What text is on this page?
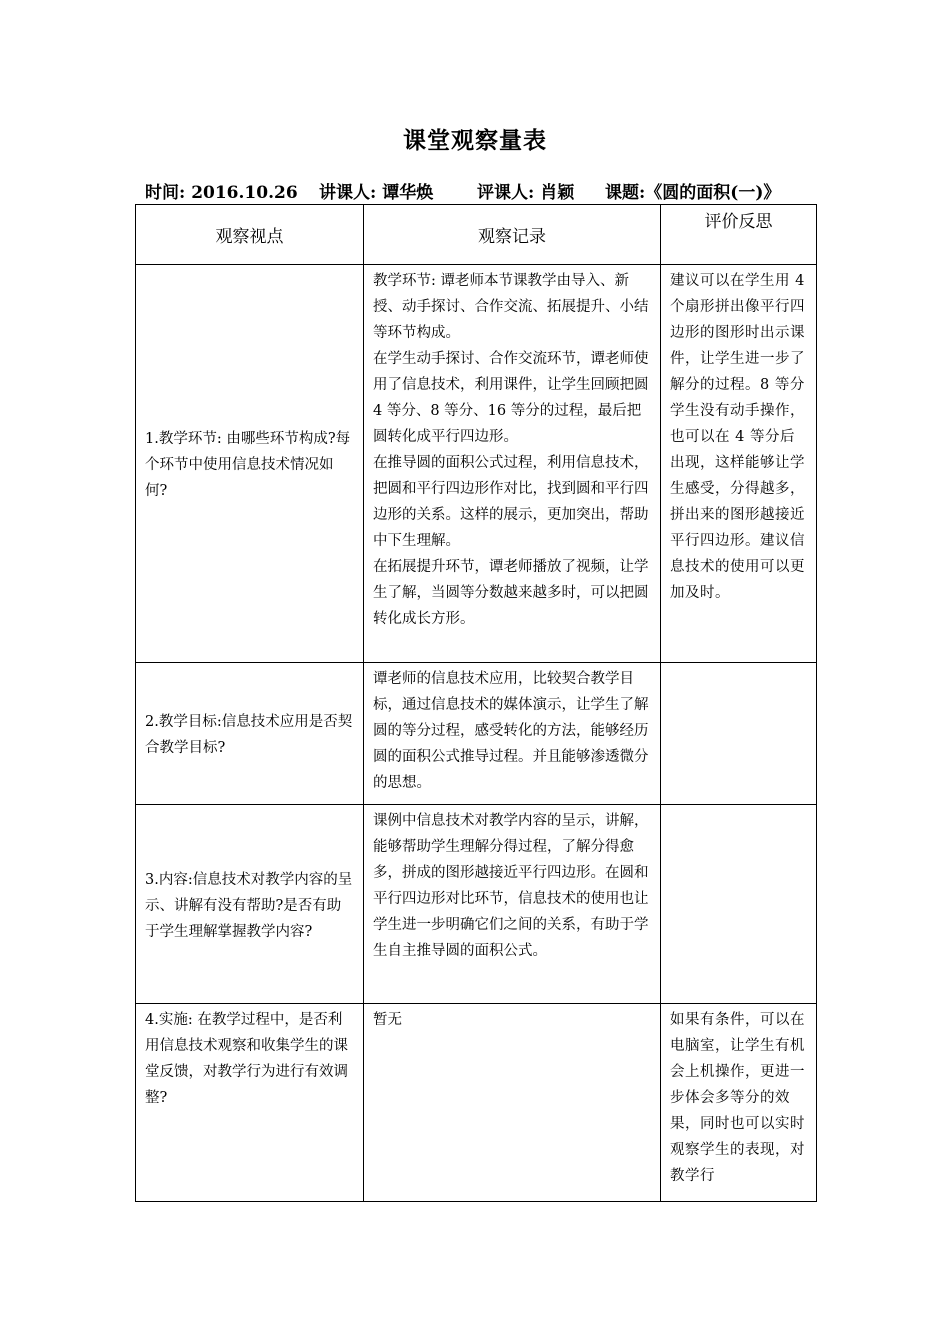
课堂观察量表
时间: 2016.10.26 讲课人: 谭华焕	评课人: 肖颖 课题:《圆的面积(一)》
观察视点	观察记录	评价反思
1.教学环节: 由哪些环节构成?每个环节中使用信息技术情况如何?	教学环节: 谭老师本节课教学由导入、新授、动手探讨、合作交流、拓展提升、小结等环节构成。

在学生动手探讨、合作交流环节，谭老师使用了信息技术，利用课件，让学生回顾把圆 4 等分、8 等分、16 等分的过程，最后把圆转化成平行四边形。

在推导圆的面积公式过程，利用信息技术，把圆和平行四边形作对比，找到圆和平行四边形的关系。这样的展示，更加突出，帮助中下生理解。

在拓展提升环节，谭老师播放了视频，让学生了解，当圆等分数越来越多时，可以把圆转化成长方形。	建议可以在学生用 4 个扇形拼出像平行四边形的图形时出示课件，让学生进一步了解分的过程。8 等分学生没有动手操作，也可以在 4 等分后出现，这样能够让学生感受，分得越多，拼出来的图形越接近平行四边形。建议信息技术的使用可以更加及时。
2.教学目标:信息技术应用是否契合教学目标?	谭老师的信息技术应用，比较契合教学目标，通过信息技术的媒体演示，让学生了解圆的等分过程，感受转化的方法，能够经历圆的面积公式推导过程。并且能够渗透微分的思想。	

3.内容:信息技术对教学内容的呈示、讲解有没有帮助?是否有助于学生理解掌握教学内容?	课例中信息技术对教学内容的呈示，讲解，能够帮助学生理解分得过程，了解分得愈多，拼成的图形越接近平行四边形。在圆和平行四边形对比环节，信息技术的使用也让学生进一步明确它们之间的关系，有助于学生自主推导圆的面积公式。	

4.实施: 在教学过程中，是否利用信息技术观察和收集学生的课堂反馈，对教学行为进行有效调整?	暂无	如果有条件，可以在电脑室，让学生有机会上机操作，更进一步体会多等分的效果，同时也可以实时观察学生的表现，对教学行
